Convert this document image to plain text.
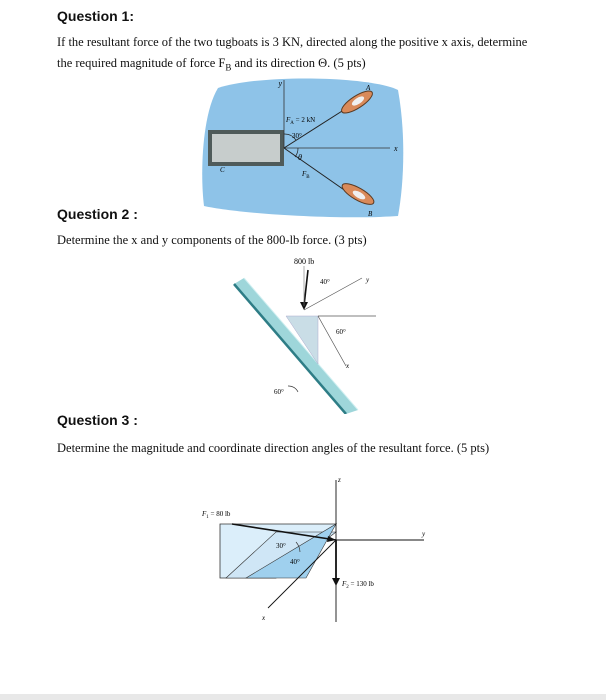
Question 1:
If the resultant force of the two tugboats is 3 KN, directed along the positive x axis, determine
the required magnitude of force $F_B$ and its direction Θ. (5 pts)
y
x
$F_A = 2$ kN
30°
θ
$F_B$
A
B
C
Question 2 :
Determine the x and y components of the 800-lb force. (3 pts)
800 lb
40°	y
60°
x
60°
Question 3 :
Determine the magnitude and coordinate direction angles of the resultant force. (5 pts)
z
y
x
$F_1 = 80$ lb
30°
40°
$F_2 = 130$ lb
